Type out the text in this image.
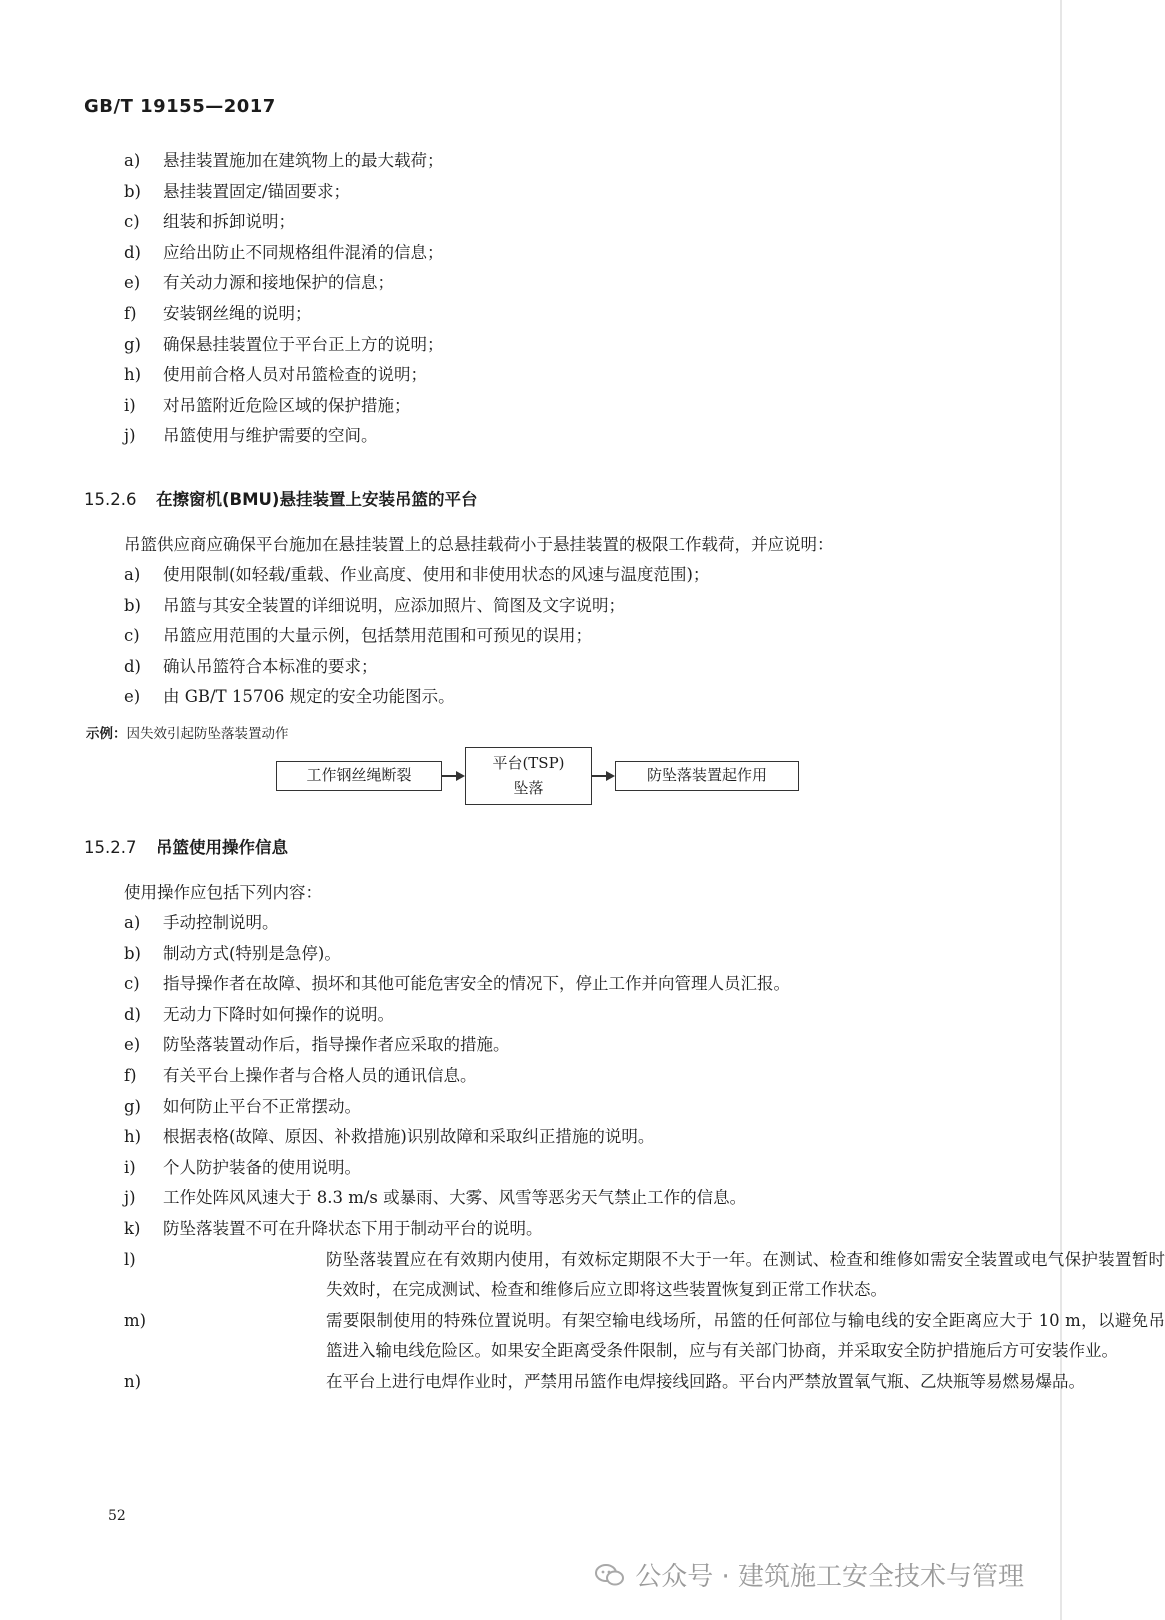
GB/T 19155—2017
a) 悬挂装置施加在建筑物上的最大载荷；
b) 悬挂装置固定/锚固要求；
c) 组装和拆卸说明；
d) 应给出防止不同规格组件混淆的信息；
e) 有关动力源和接地保护的信息；
f) 安装钢丝绳的说明；
g) 确保悬挂装置位于平台正上方的说明；
h) 使用前合格人员对吊篮检查的说明；
i) 对吊篮附近危险区域的保护措施；
j) 吊篮使用与维护需要的空间。
15.2.6 在擦窗机(BMU)悬挂装置上安装吊篮的平台
吊篮供应商应确保平台施加在悬挂装置上的总悬挂载荷小于悬挂装置的极限工作载荷，并应说明：
a) 使用限制(如轻载/重载、作业高度、使用和非使用状态的风速与温度范围)；
b) 吊篮与其安全装置的详细说明，应添加照片、简图及文字说明；
c) 吊篮应用范围的大量示例，包括禁用范围和可预见的误用；
d) 确认吊篮符合本标准的要求；
e) 由 GB/T 15706 规定的安全功能图示。
示例：因失效引起防坠落装置动作
工作钢丝绳断裂
平台(TSP)
坠落
防坠落装置起作用
15.2.7 吊篮使用操作信息
使用操作应包括下列内容：
a) 手动控制说明。
b) 制动方式(特别是急停)。
c) 指导操作者在故障、损坏和其他可能危害安全的情况下，停止工作并向管理人员汇报。
d) 无动力下降时如何操作的说明。
e) 防坠落装置动作后，指导操作者应采取的措施。
f) 有关平台上操作者与合格人员的通讯信息。
g) 如何防止平台不正常摆动。
h) 根据表格(故障、原因、补救措施)识别故障和采取纠正措施的说明。
i) 个人防护装备的使用说明。
j) 工作处阵风风速大于 8.3 m/s 或暴雨、大雾、风雪等恶劣天气禁止工作的信息。
k) 防坠落装置不可在升降状态下用于制动平台的说明。
l)	防坠落装置应在有效期内使用，有效标定期限不大于一年。在测试、检查和维修如需安全装置或电气保护装置暂时失效时，在完成测试、检查和维修后应立即将这些装置恢复到正常工作状态。
m)	需要限制使用的特殊位置说明。有架空输电线场所，吊篮的任何部位与输电线的安全距离应大于 10 m，以避免吊篮进入输电线危险区。如果安全距离受条件限制，应与有关部门协商，并采取安全防护措施后方可安装作业。
n)	在平台上进行电焊作业时，严禁用吊篮作电焊接线回路。平台内严禁放置氧气瓶、乙炔瓶等易燃易爆品。
52
公众号 · 建筑施工安全技术与管理
